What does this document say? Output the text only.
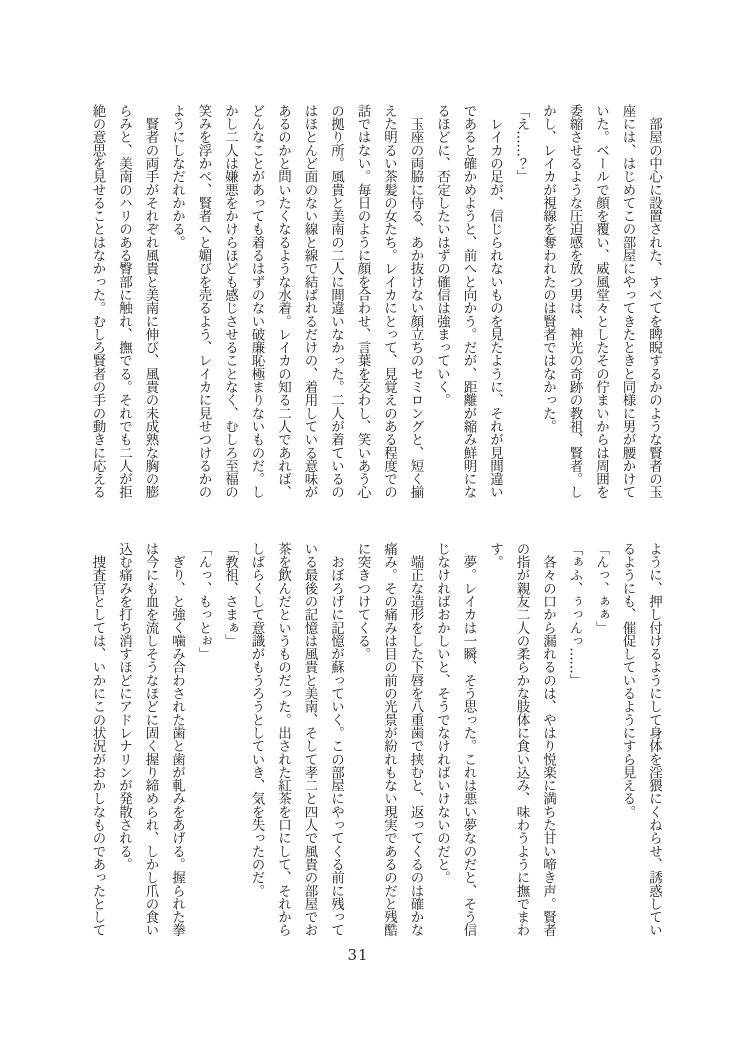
　部屋の中心に設置された、すべてを睥睨するかのような賢者の玉
座には、はじめてこの部屋にやってきたときと同様に男が腰かけて
いた。ベールで顔を覆い、威風堂々としたその佇まいからは周囲を
委縮させるような圧迫感を放つ男は、神光の奇跡の教祖、賢者。し
かし、レイカが視線を奪われたのは賢者ではなかった。
「え……？」
　レイカの足が、信じられないものを見たように、それが見間違い
であると確かめようと、前へと向かう。だが、距離が縮み鮮明にな
るほどに、否定したいはずの確信は強まっていく。
　玉座の両脇に侍る、あか抜けない顔立ちのセミロングと、短く揃
えた明るい茶髪の女たち。レイカにとって、見覚えのある程度での
話ではない。毎日のように顔を合わせ、言葉を交わし、笑いあう心
の拠り所。風貴と美南の二人に間違いなかった。二人が着ているの
はほとんど面のない線と線で結ばれるだけの、着用している意味が
あるのかと問いたくなるような水着。レイカの知る二人であれば、
どんなことがあっても着るはずのない破廉恥極まりないものだ。し
かし二人は嫌悪をかけらほども感じさせることなく、むしろ至福の
笑みを浮かべ、賢者へと媚びを売るよう、レイカに見せつけるかの
ようにしなだれかかる。
　賢者の両手がそれぞれ風貴と美南に伸び、風貴の未成熟な胸の膨
らみと、美南のハリのある臀部に触れ、撫でる。それでも二人が拒
絶の意思を見せることはなかった。むしろ賢者の手の動きに応える
ように、押し付けるようにして身体を淫猥にくねらせ、誘惑してい
るようにも、催促しているようにすら見える。
「んっ、ぁぁ」
「ぁふ、ぅっんっ……」
　各々の口から漏れるのは、やはり悦楽に満ちた甘い啼き声。賢者
の指が親友二人の柔らかな肢体に食い込み、味わうように撫でまわ
す。
　夢。レイカは一瞬、そう思った。これは悪い夢なのだと、そう信
じなければおかしいと、そうでなければいけないのだと。
　端正な造形をした下唇を八重歯で挟むと、返ってくるのは確かな
痛み。その痛みは目の前の光景が紛れもない現実であるのだと残酷
に突きつけてくる。
　おぼろげに記憶が蘇っていく。この部屋にやってくる前に残って
いる最後の記憶は風貴と美南、そして孝二と四人で風貴の部屋でお
茶を飲んだというものだった。出された紅茶を口にして、それから
しばらくして意識がもうろうとしていき、気を失ったのだ。
「教祖、さまぁ」
「んっ、もっとぉ」
　ぎり、と強く噛み合わされた歯と歯が軋みをあげる。握られた拳
は今にも血を流しそうなほどに固く握り締められ、しかし爪の食い
込む痛みを打ち消すほどにアドレナリンが発散される。
　捜査官としては、いかにこの状況がおかしなものであったとして
31
